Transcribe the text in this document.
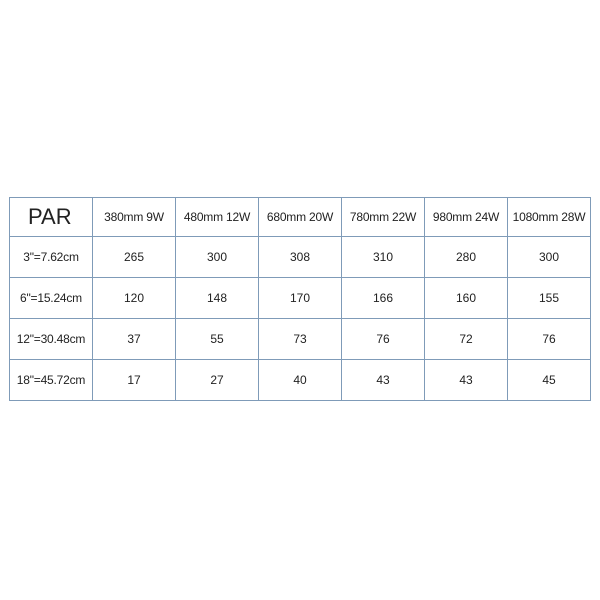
PAR	380mm 9W	480mm 12W	680mm 20W	780mm 22W	980mm 24W	1080mm 28W
3"=7.62cm	265	300	308	310	280	300
6"=15.24cm	120	148	170	166	160	155
12"=30.48cm	37	55	73	76	72	76
18"=45.72cm	17	27	40	43	43	45
